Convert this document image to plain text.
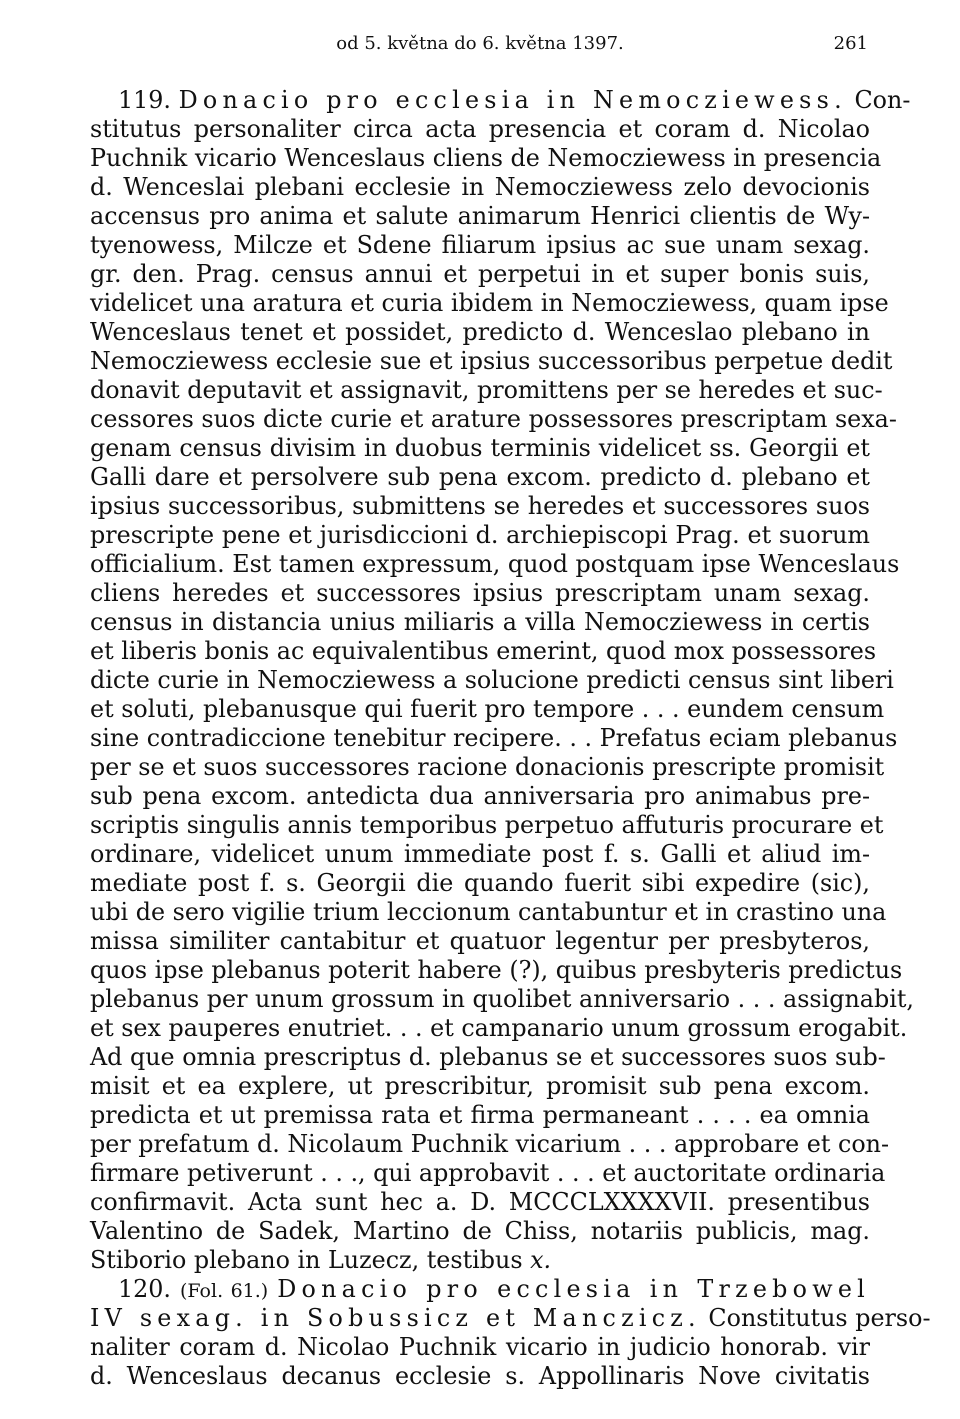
od 5. května do 6. května 1397.	261
119. Donacio pro ecclesia in Nemocziewess. Con-
stitutus personaliter circa acta presencia et coram d. Nicolao
Puchnik vicario Wenceslaus cliens de Nemocziewess in presencia
d. Wenceslai plebani ecclesie in Nemocziewess zelo devocionis
accensus pro anima et salute animarum Henrici clientis de Wy-
tyenowess, Milcze et Sdene filiarum ipsius ac sue unam sexag.
gr. den. Prag. census annui et perpetui in et super bonis suis,
videlicet una aratura et curia ibidem in Nemocziewess, quam ipse
Wenceslaus tenet et possidet, predicto d. Wenceslao plebano in
Nemocziewess ecclesie sue et ipsius successoribus perpetue dedit
donavit deputavit et assignavit, promittens per se heredes et suc-
cessores suos dicte curie et arature possessores prescriptam sexa-
genam census divisim in duobus terminis videlicet ss. Georgii et
Galli dare et persolvere sub pena excom. predicto d. plebano et
ipsius successoribus, submittens se heredes et successores suos
prescripte pene et jurisdiccioni d. archiepiscopi Prag. et suorum
officialium. Est tamen expressum, quod postquam ipse Wenceslaus
cliens heredes et successores ipsius prescriptam unam sexag.
census in distancia unius miliaris a villa Nemocziewess in certis
et liberis bonis ac equivalentibus emerint, quod mox possessores
dicte curie in Nemocziewess a solucione predicti census sint liberi
et soluti, plebanusque qui fuerit pro tempore . . . eundem censum
sine contradiccione tenebitur recipere. . . Prefatus eciam plebanus
per se et suos successores racione donacionis prescripte promisit
sub pena excom. antedicta dua anniversaria pro animabus pre-
scriptis singulis annis temporibus perpetuo affuturis procurare et
ordinare, videlicet unum immediate post f. s. Galli et aliud im-
mediate post f. s. Georgii die quando fuerit sibi expedire (sic),
ubi de sero vigilie trium leccionum cantabuntur et in crastino una
missa similiter cantabitur et quatuor legentur per presbyteros,
quos ipse plebanus poterit habere (?), quibus presbyteris predictus
plebanus per unum grossum in quolibet anniversario . . . assignabit,
et sex pauperes enutriet. . . et campanario unum grossum erogabit.
Ad que omnia prescriptus d. plebanus se et successores suos sub-
misit et ea explere, ut prescribitur, promisit sub pena excom.
predicta et ut premissa rata et firma permaneant . . . . ea omnia
per prefatum d. Nicolaum Puchnik vicarium . . . approbare et con-
firmare petiverunt . . ., qui approbavit . . . et auctoritate ordinaria
confirmavit. Acta sunt hec a. D. MCCCLXXXXVII. presentibus
Valentino de Sadek, Martino de Chiss, notariis publicis, mag.
Stiborio plebano in Luzecz, testibus x.
120. (Fol. 61.) Donacio pro ecclesia in Trzebowel
IV sexag. in Sobussicz et Manczicz. Constitutus perso-
naliter coram d. Nicolao Puchnik vicario in judicio honorab. vir
d. Wenceslaus decanus ecclesie s. Appollinaris Nove civitatis
